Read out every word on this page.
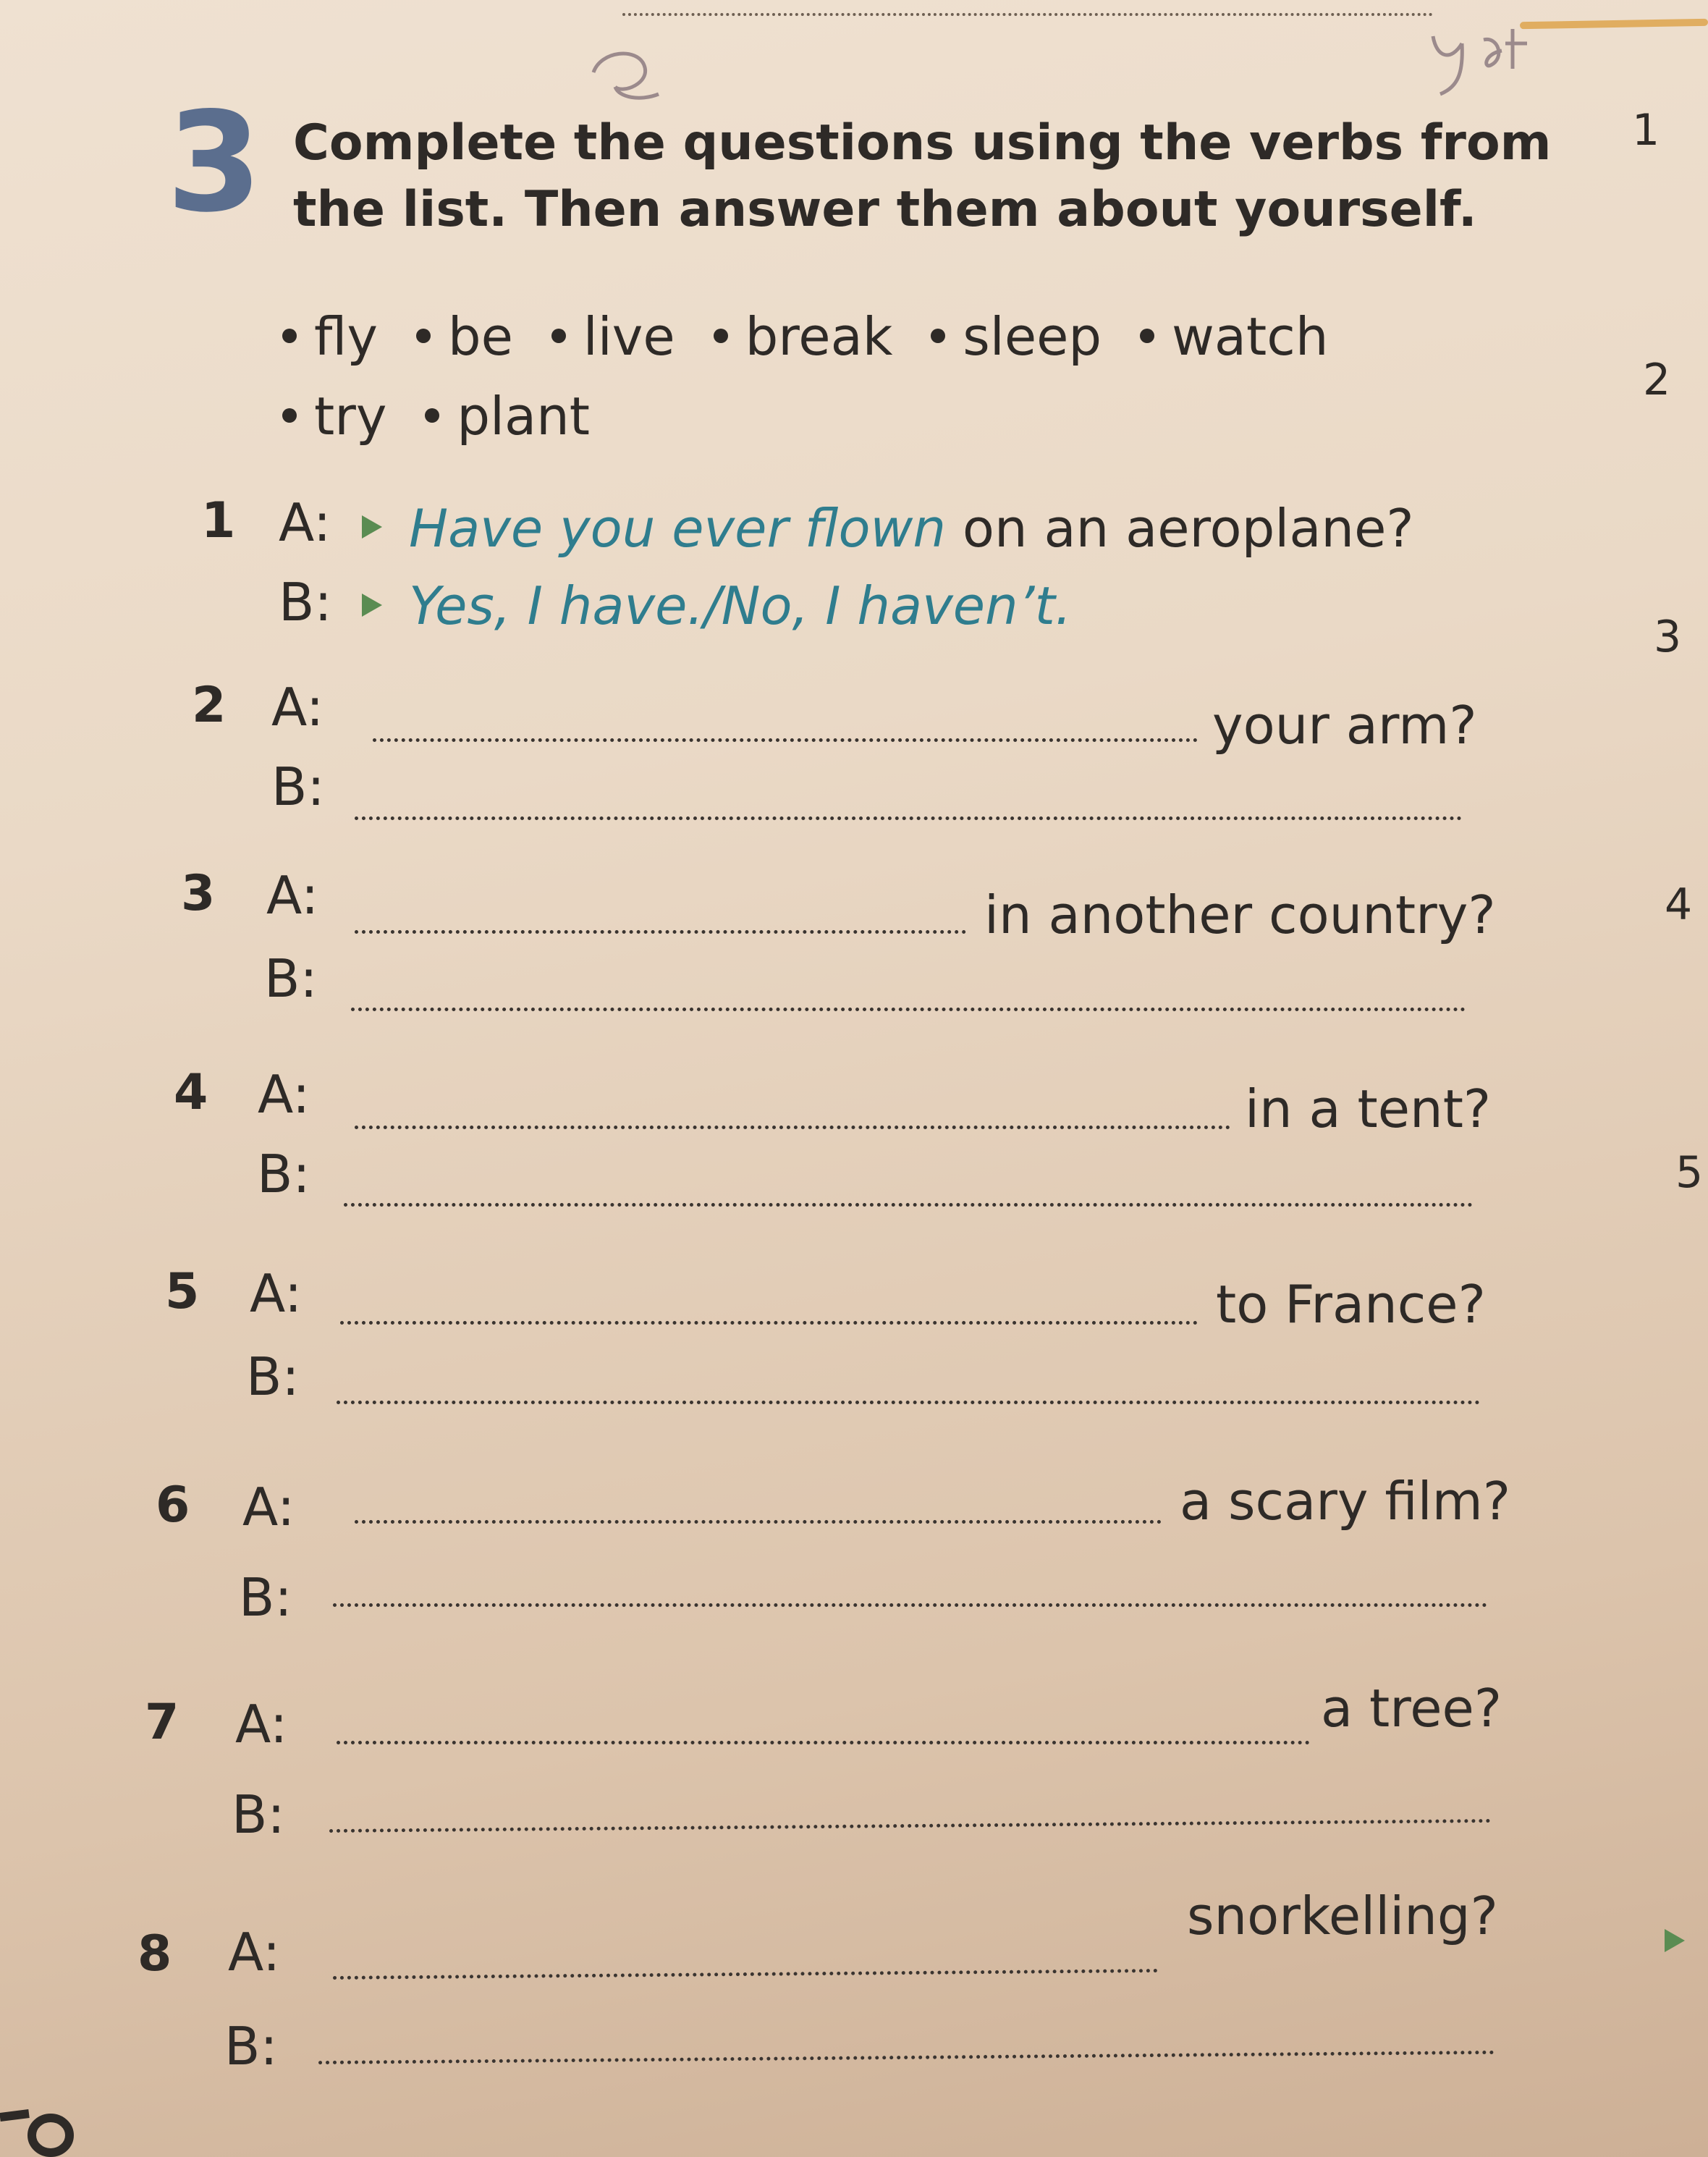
3 Complete the questions using the verbs from
the list. Then answer them about yourself.
fly be live break sleep watch
try plant
1
2
3
4
5
1 A: Have you ever flown on an aeroplane?
B: Yes, I have./No, I haven’t.
2 A:	your arm?
B:
3 A:	in another country?
B:
4 A:	in a tent?
B:
5 A:	to France?
B:
6 A:	a scary film?
B:
7 A:	a tree?
B:
8 A:
snorkelling?
B:
